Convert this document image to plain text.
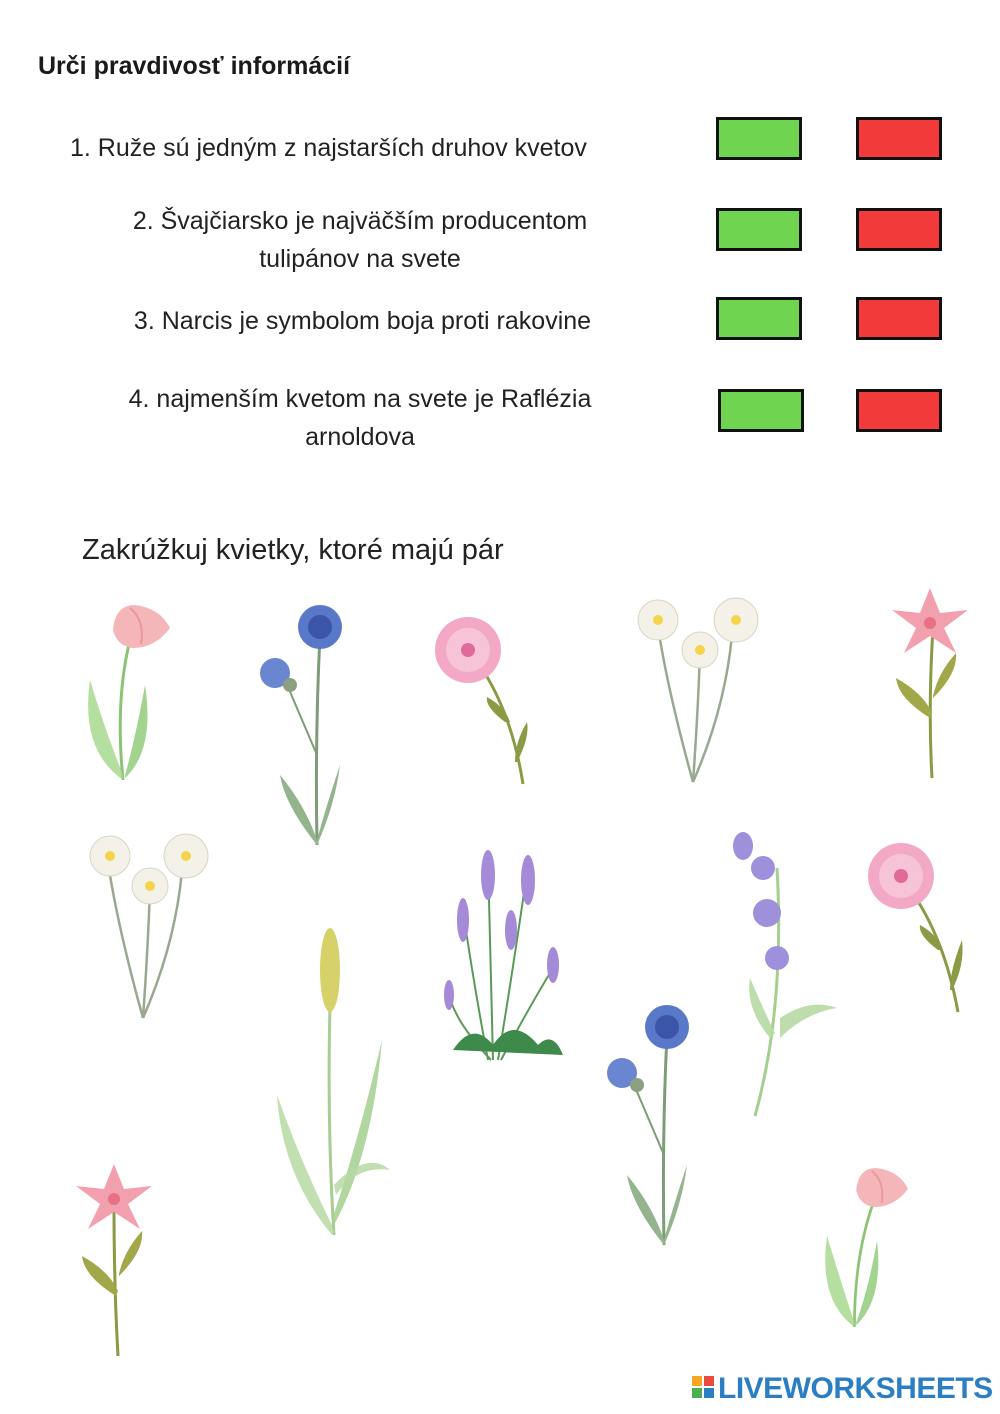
Urči pravdivosť informácií
1. Ruže sú jedným z najstarších druhov kvetov
2. Švajčiarsko je najväčším producentom tulipánov na svete
3. Narcis je symbolom boja proti rakovine
4. najmenším kvetom na svete je Raflézia arnoldova

Zakrúžkuj kvietky, ktoré majú pár

LIVEWORKSHEETS
